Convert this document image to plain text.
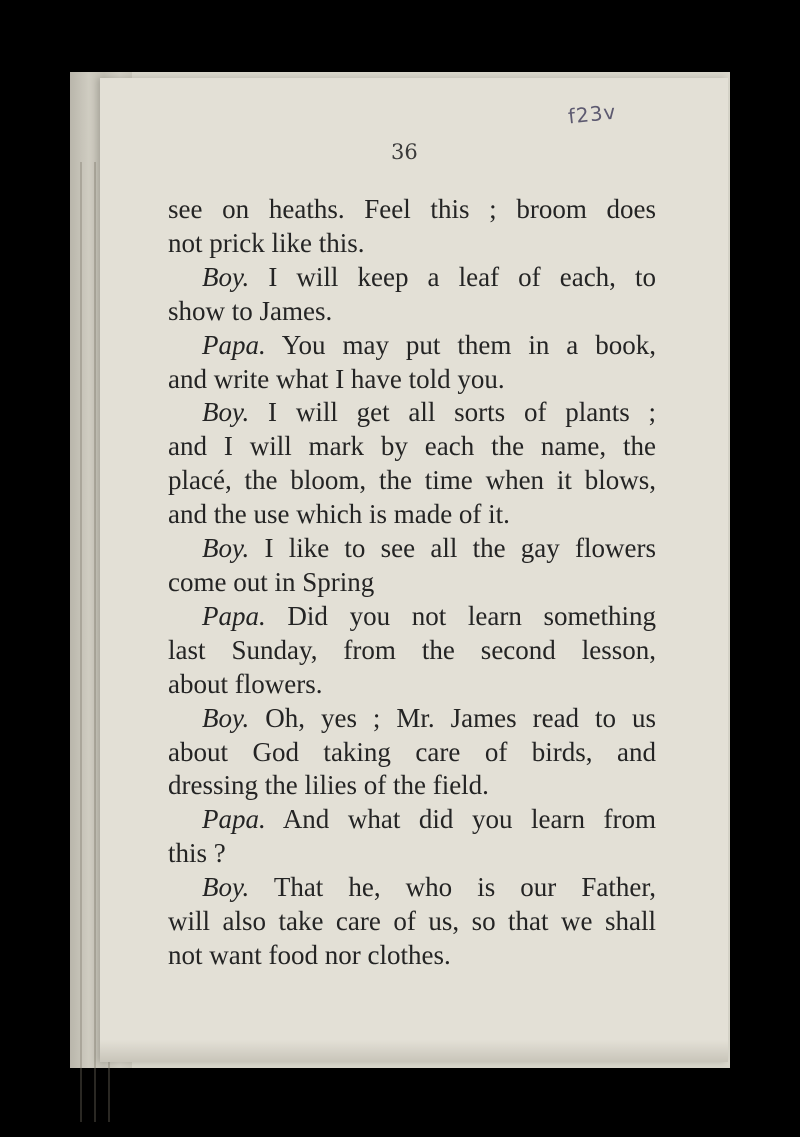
f23v
36
see on heaths. Feel this ; broom does
not prick like this.
Boy. I will keep a leaf of each, to
show to James.
Papa. You may put them in a book,
and write what I have told you.
Boy. I will get all sorts of plants ;
and I will mark by each the name, the
placé, the bloom, the time when it blows,
and the use which is made of it.
Boy. I like to see all the gay flowers
come out in Spring
Papa. Did you not learn something
last Sunday, from the second lesson,
about flowers.
Boy. Oh, yes ; Mr. James read to us
about God taking care of birds, and
dressing the lilies of the field.
Papa. And what did you learn from
this ?
Boy. That he, who is our Father,
will also take care of us, so that we shall
not want food nor clothes.
